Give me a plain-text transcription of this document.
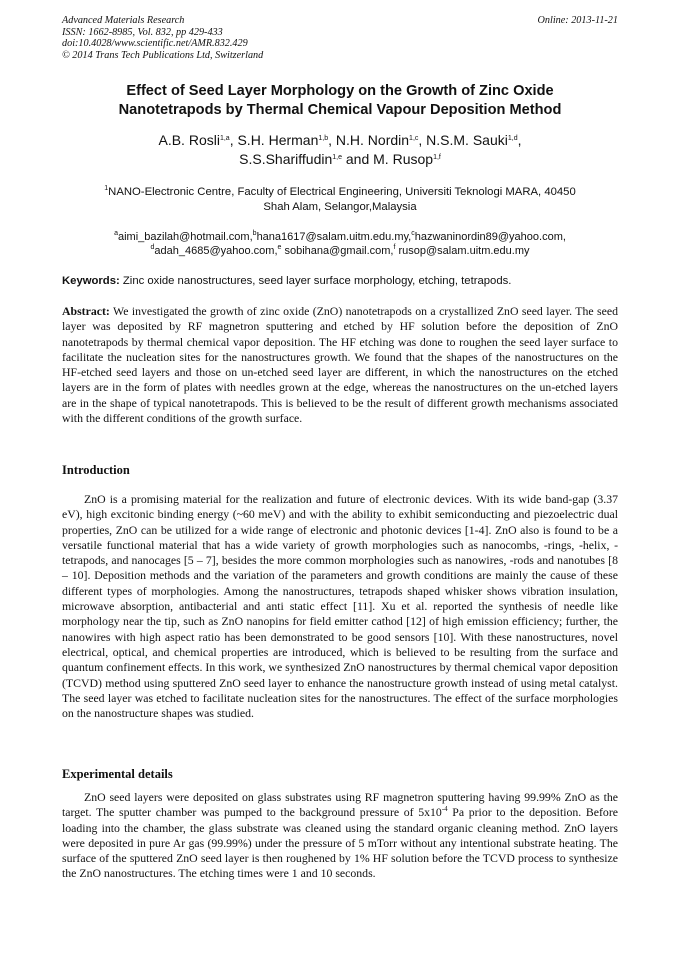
Advanced Materials Research
ISSN: 1662-8985, Vol. 832, pp 429-433
doi:10.4028/www.scientific.net/AMR.832.429
© 2014 Trans Tech Publications Ltd, Switzerland
Online: 2013-11-21
Effect of Seed Layer Morphology on the Growth of Zinc Oxide
Nanotetrapods by Thermal Chemical Vapour Deposition Method
A.B. Rosli$^{1,a}$, S.H. Herman$^{1,b}$, N.H. Nordin$^{1,c}$, N.S.M. Sauki$^{1,d}$,
S.S.Shariffudin$^{1,e}$ and M. Rusop$^{1,f}$
$^1$NANO-Electronic Centre, Faculty of Electrical Engineering, Universiti Teknologi MARA, 40450
Shah Alam, Selangor,Malaysia
$^a$aimi_bazilah@hotmail.com,$^b$hana1617@salam.uitm.edu.my,$^c$hazwaninordin89@yahoo.com,
$^d$adah_4685@yahoo.com,$^e$ sobihana@gmail.com,$^f$ rusop@salam.uitm.edu.my
Keywords: Zinc oxide nanostructures, seed layer surface morphology, etching, tetrapods.

Abstract: We investigated the growth of zinc oxide (ZnO) nanotetrapods on a crystallized ZnO seed layer. The seed layer was deposited by RF magnetron sputtering and etched by HF solution before the deposition of ZnO nanotetrapods by thermal chemical vapor deposition. The HF etching was done to roughen the seed layer surface to facilitate the nucleation sites for the nanostructures growth. We found that the shapes of the nanostructures on the HF-etched seed layers and those on un-etched seed layer are different, in which the nanostructures on the etched layers are in the form of plates with needles grown at the edge, whereas the nanostructures on the un-etched layers are in the shape of typical nanotetrapods. This is believed to be the result of different growth mechanisms associated with the different conditions of the growth surface.

Introduction

ZnO is a promising material for the realization and future of electronic devices. With its wide band-gap (3.37 eV), high excitonic binding energy (~60 meV) and with the ability to exhibit semiconducting and piezoelectric dual properties, ZnO can be utilized for a wide range of electronic and photonic devices [1-4]. ZnO also is found to be a versatile functional material that has a wide variety of growth morphologies such as nanocombs, -rings, -helix, -tetrapods, and nanocages [5 – 7], besides the more common morphologies such as nanowires, -rods and nanotubes [8 – 10]. Deposition methods and the variation of the parameters and growth conditions are mainly the cause of these different types of morphologies. Among the nanostructures, tetrapods shaped whisker shows vibration insulation, microwave absorption, antibacterial and anti static effect [11]. Xu et al. reported the synthesis of needle like morphology near the tip, such as ZnO nanopins for field emitter cathod [12] of high emission efficiency; further, the nanowires with high aspect ratio has been demonstrated to be good sensors [10]. With these nanostructures, novel electrical, optical, and chemical properties are introduced, which is believed to be resulting from the surface and quantum confinement effects. In this work, we synthesized ZnO nanostructures by thermal chemical vapor deposition (TCVD) method using sputtered ZnO seed layer to enhance the nanostructure growth instead of using metal catalyst. The seed layer was etched to facilitate nucleation sites for the nanostructures. The effect of the surface morphologies on the nanostructure shapes was studied.

Experimental details

ZnO seed layers were deposited on glass substrates using RF magnetron sputtering having 99.99% ZnO as the target. The sputter chamber was pumped to the background pressure of $5x10^{-4}$ Pa prior to the deposition. Before loading into the chamber, the glass substrate was cleaned using the standard organic cleaning method. ZnO layers were deposited in pure Ar gas (99.99%) under the pressure of 5 mTorr without any intentional substrate heating. The surface of the sputtered ZnO seed layer is then roughened by 1% HF solution before the TCVD process to synthesize the ZnO nanostructures. The etching times were 1 and 10 seconds.
